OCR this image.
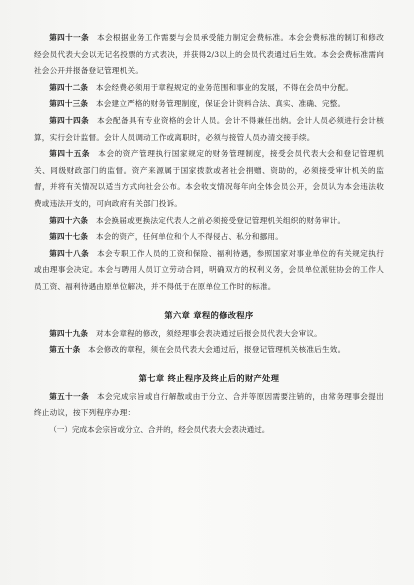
第四十一条　 本会根据业务工作需要与会员承受能力制定会费标准。本会会费标准的制订和修改经会员代表大会以无记名投票的方式表决，并获得2/3以上的会员代表通过后生效。本会会费标准需向社会公开并报备登记管理机关。

第四十二条　 本会经费必须用于章程规定的业务范围和事业的发展，不得在会员中分配。

第四十三条　 本会建立严格的财务管理制度，保证会计资料合法、真实、准确、完整。

第四十四条　 本会配备具有专业资格的会计人员。会计不得兼任出纳。会计人员必须进行会计核算，实行会计监督。会计人员调动工作或离职时，必须与接管人员办清交接手续。

第四十五条　 本会的资产管理执行国家规定的财务管理制度，接受会员代表大会和登记管理机关、同级财政部门的监督。资产来源属于国家拨款或者社会捐赠、资助的，必须接受审计机关的监督，并将有关情况以适当方式向社会公布。本会收支情况每年向全体会员公开，会员认为本会违法收费或违法开支的，可向政府有关部门投诉。

第四十六条　 本会换届或更换法定代表人之前必须接受登记管理机关组织的财务审计。

第四十七条　 本会的资产，任何单位和个人不得侵占、私分和挪用。

第四十八条　 本会专职工作人员的工资和保险、福利待遇，参照国家对事业单位的有关规定执行或由理事会决定。本会与聘用人员订立劳动合同，明确双方的权利义务，会员单位派驻协会的工作人员工资、福利待遇由原单位解决，并不得低于在原单位工作时的标准。

第六章 章程的修改程序

第四十九条　 对本会章程的修改，须经理事会表决通过后报会员代表大会审议。

第五十条　 本会修改的章程，须在会员代表大会通过后，报登记管理机关核准后生效。

第七章 终止程序及终止后的财产处理

第五十一条　 本会完成宗旨或自行解散或由于分立、合并等原因需要注销的，由常务理事会提出终止动议，按下列程序办理：

（一）完成本会宗旨或分立、合并的，经会员代表大会表决通过。
